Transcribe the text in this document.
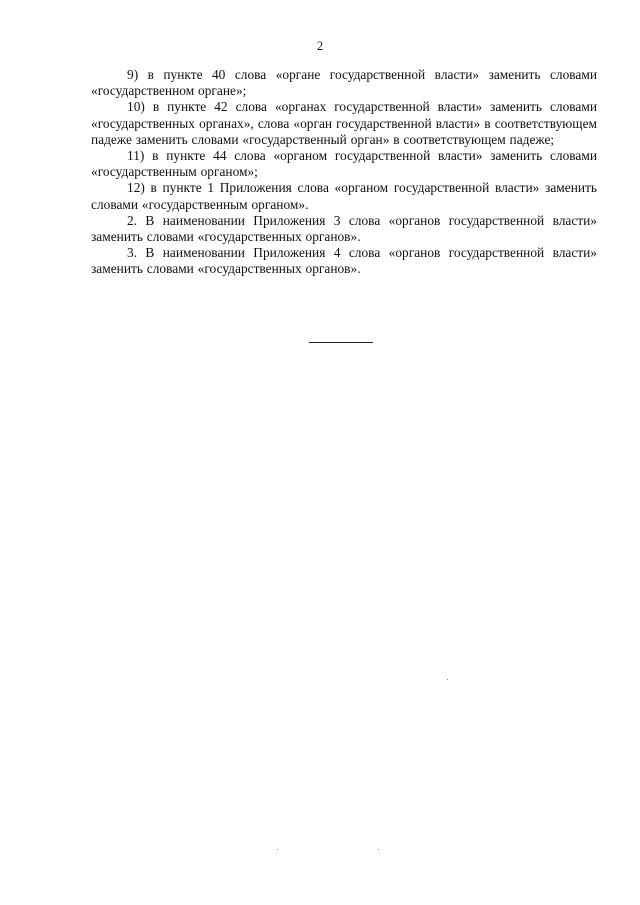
2

9) в пункте 40 слова «органе государственной власти» заменить словами «государственном органе»;

10) в пункте 42 слова «органах государственной власти» заменить словами «государственных органах», слова «орган государственной власти» в соответствующем падеже заменить словами «государственный орган» в соответствующем падеже;

11) в пункте 44 слова «органом государственной власти» заменить словами «государственным органом»;

12) в пункте 1 Приложения слова «органом государственной власти» заменить словами «государственным органом».

2. В наименовании Приложения 3 слова «органов государственной власти» заменить словами «государственных органов».

3. В наименовании Приложения 4 слова «органов государственной власти» заменить словами «государственных органов».
